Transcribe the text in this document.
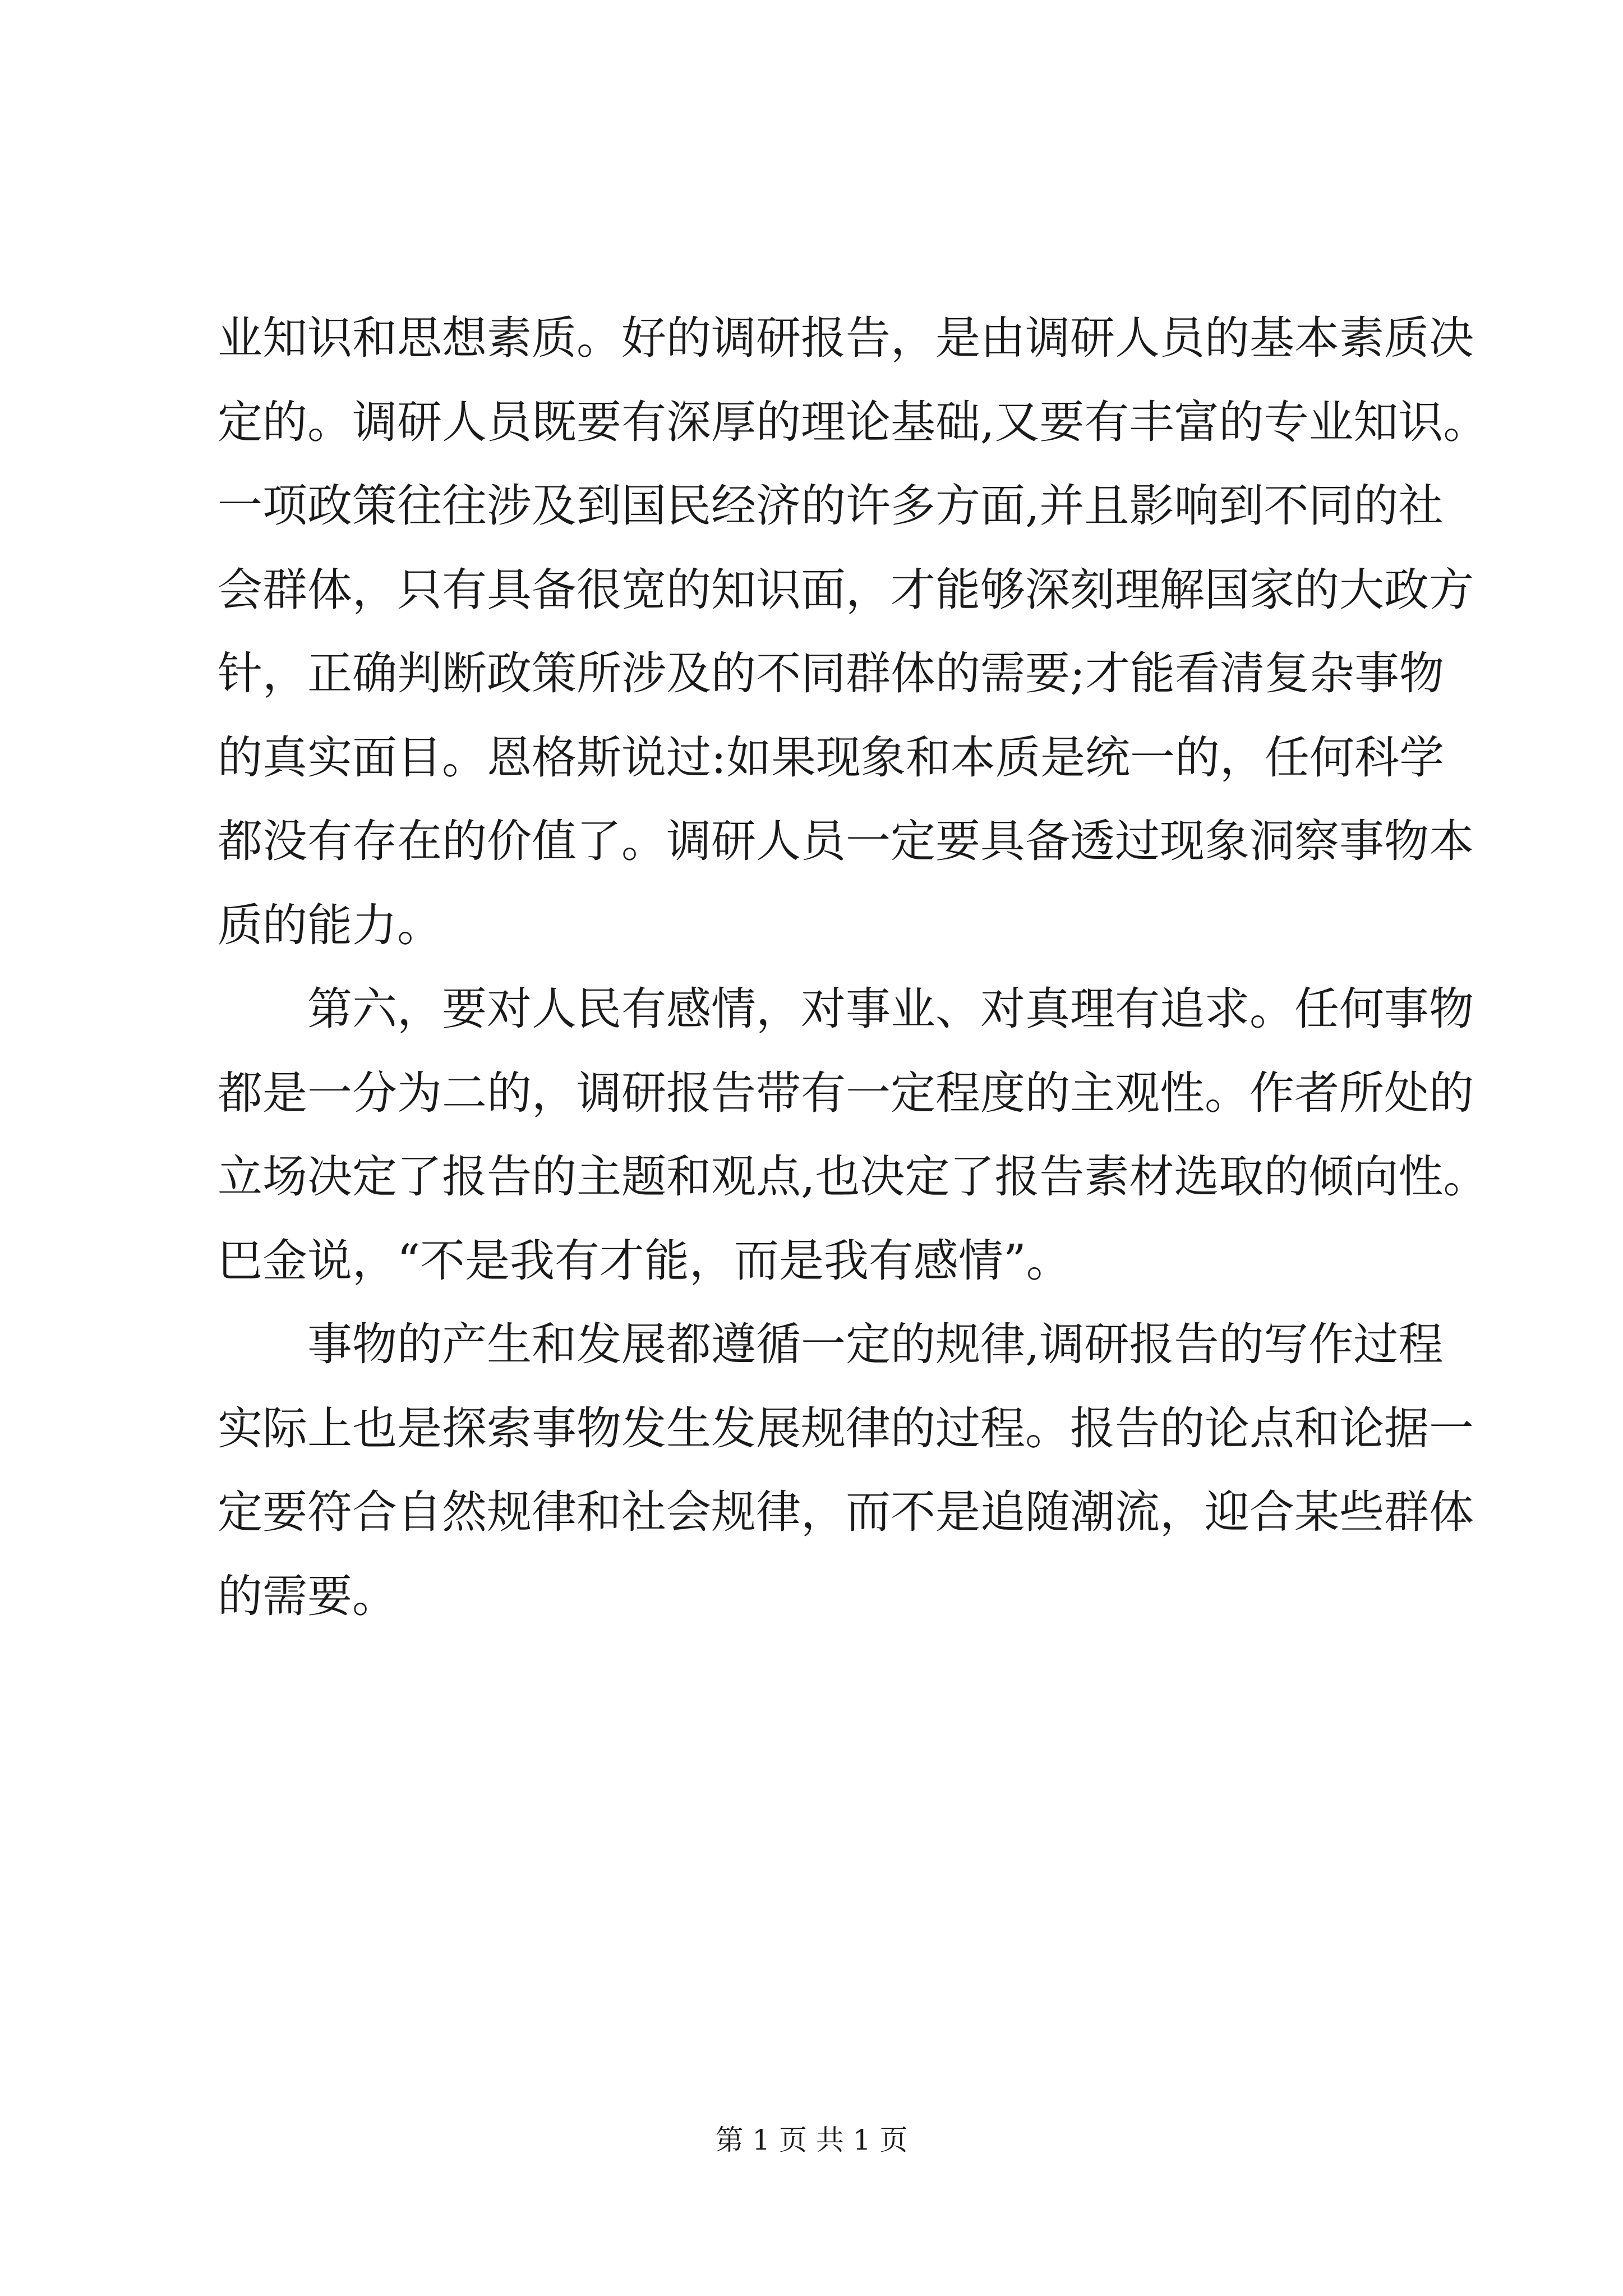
业知识和思想素质。好的调研报告，是由调研人员的基本素质决
定的。调研人员既要有深厚的理论基础,又要有丰富的专业知识。
一项政策往往涉及到国民经济的许多方面,并且影响到不同的社
会群体，只有具备很宽的知识面，才能够深刻理解国家的大政方
针，正确判断政策所涉及的不同群体的需要;才能看清复杂事物
的真实面目。恩格斯说过:如果现象和本质是统一的，任何科学
都没有存在的价值了。调研人员一定要具备透过现象洞察事物本
质的能力。
第六，要对人民有感情，对事业、对真理有追求。任何事物
都是一分为二的，调研报告带有一定程度的主观性。作者所处的
立场决定了报告的主题和观点,也决定了报告素材选取的倾向性。
巴金说，“不是我有才能，而是我有感情”。
事物的产生和发展都遵循一定的规律,调研报告的写作过程
实际上也是探索事物发生发展规律的过程。报告的论点和论据一
定要符合自然规律和社会规律，而不是追随潮流，迎合某些群体
的需要。
第 1 页 共 1 页
